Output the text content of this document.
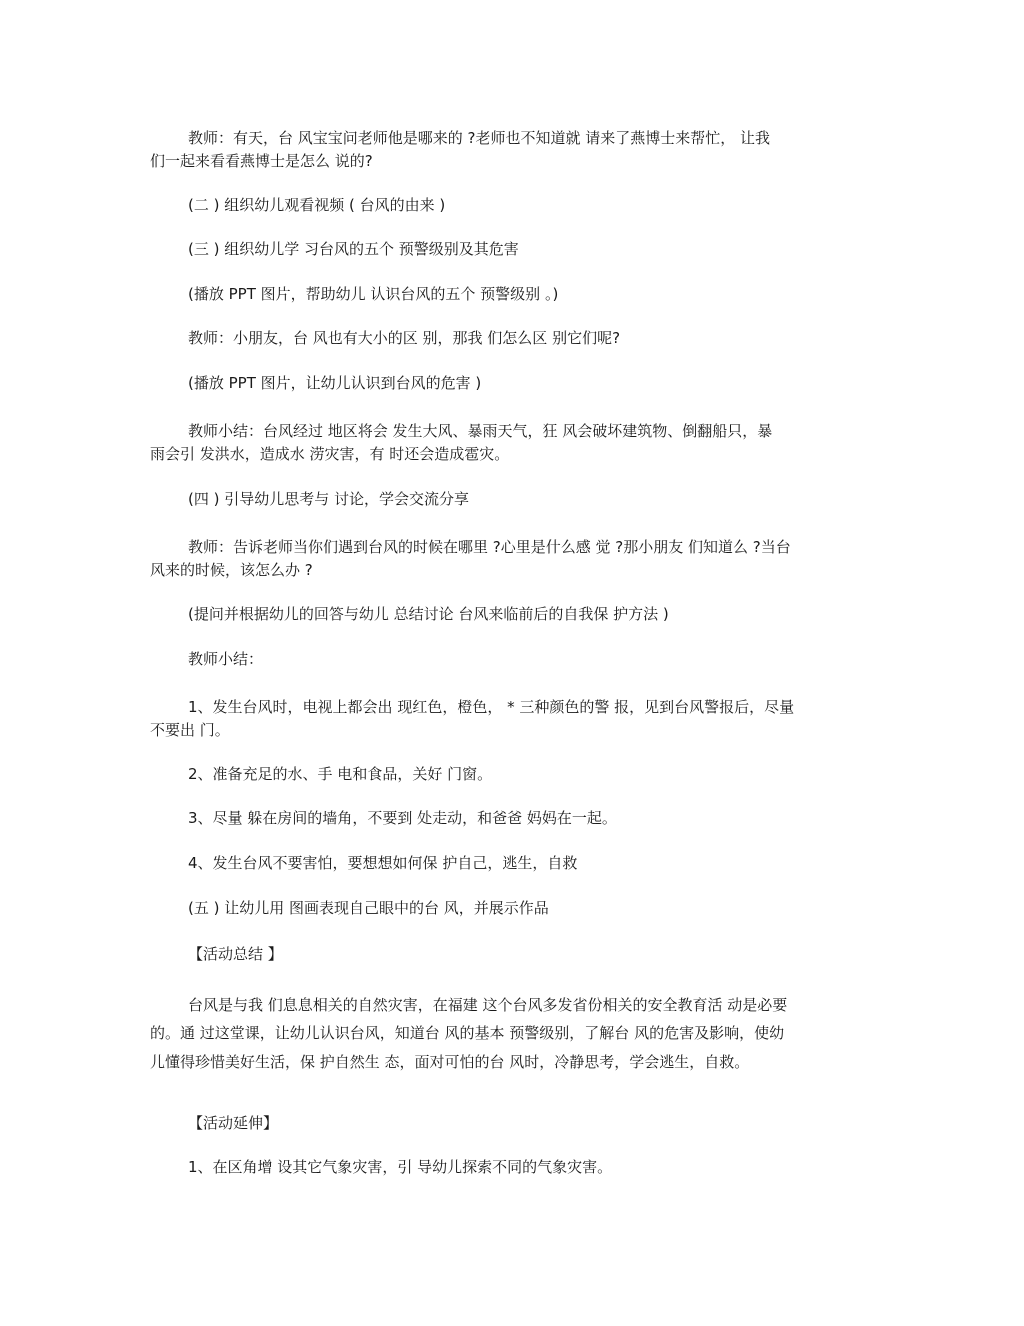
教师：有天，台 风宝宝问老师他是哪来的 ?老师也不知道就 请来了燕博士来帮忙， 让我
们一起来看看燕博士是怎么 说的?
(二 ) 组织幼儿观看视频 ( 台风的由来 )
(三 ) 组织幼儿学 习台风的五个 预警级别及其危害
(播放 PPT 图片，帮助幼儿 认识台风的五个 预警级别 。)
教师：小朋友，台 风也有大小的区 别，那我 们怎么区 别它们呢?
(播放 PPT 图片，让幼儿认识到台风的危害 )
教师小结：台风经过 地区将会 发生大风、暴雨天气，狂 风会破坏建筑物、倒翻船只，暴
雨会引 发洪水，造成水 涝灾害，有 时还会造成雹灾。
(四 ) 引导幼儿思考与 讨论，学会交流分享
教师：告诉老师当你们遇到台风的时候在哪里 ?心里是什么感 觉 ?那小朋友 们知道么 ?当台
风来的时候，该怎么办 ?
(提问并根据幼儿的回答与幼儿 总结讨论 台风来临前后的自我保 护方法 )
教师小结：
1、发生台风时，电视上都会出 现红色，橙色， * 三种颜色的警 报，见到台风警报后，尽量
不要出 门。
2、准备充足的水、手 电和食品，关好 门窗。
3、尽量 躲在房间的墙角，不要到 处走动，和爸爸 妈妈在一起。
4、发生台风不要害怕，要想想如何保 护自己，逃生，自救
(五 ) 让幼儿用 图画表现自己眼中的台 风，并展示作品
【活动总结 】
台风是与我 们息息相关的自然灾害，在福建 这个台风多发省份相关的安全教育活 动是必要
的。通 过这堂课，让幼儿认识台风，知道台 风的基本 预警级别，了解台 风的危害及影响，使幼
儿懂得珍惜美好生活，保 护自然生 态，面对可怕的台 风时，冷静思考，学会逃生，自救。
【活动延伸】
1、在区角增 设其它气象灾害，引 导幼儿探索不同的气象灾害。
